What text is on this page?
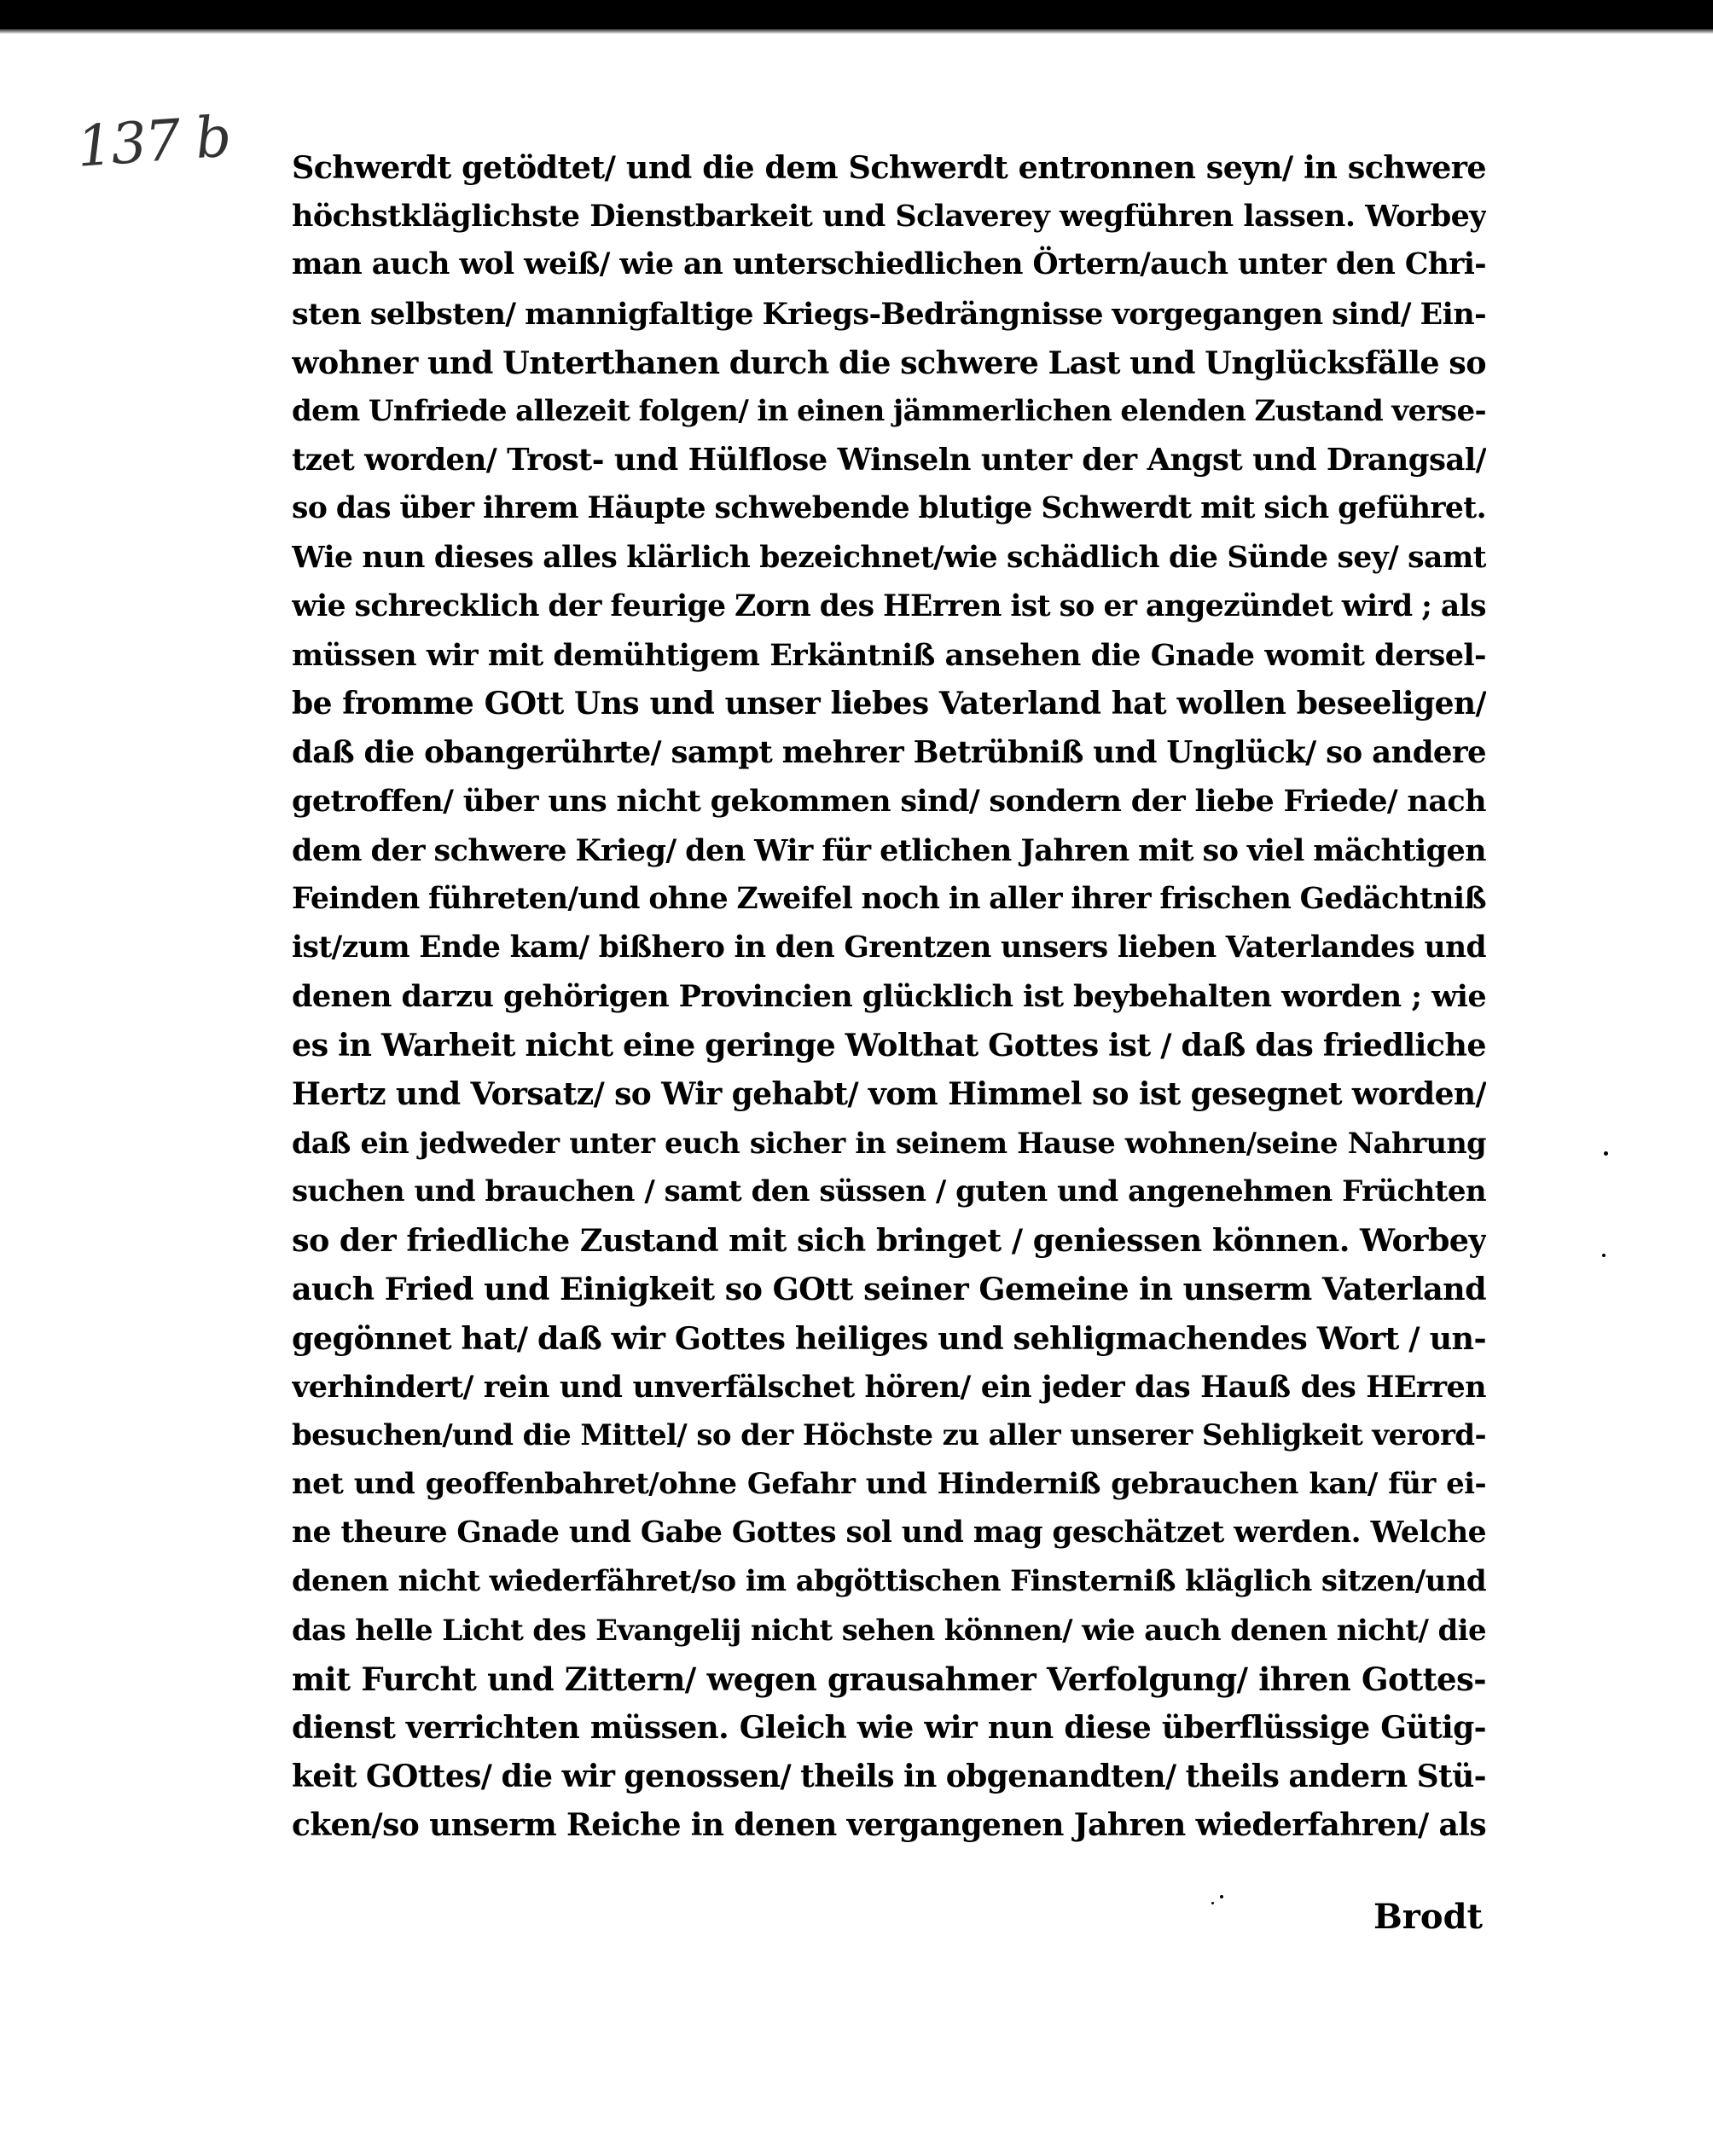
137 b Schwerdt getödtet/ und die dem Schwerdt entronnen seyn/ in schwere
höchstkläglichste Dienstbarkeit und Sclaverey wegführen lassen. Worbey
man auch wol weiß/ wie an unterschiedlichen Örtern/auch unter den Chri-
sten selbsten/ mannigfaltige Kriegs-Bedrängnisse vorgegangen sind/ Ein-
wohner und Unterthanen durch die schwere Last und Unglücksfälle so
dem Unfriede allezeit folgen/ in einen jämmerlichen elenden Zustand verse-
tzet worden/ Trost- und Hülflose Winseln unter der Angst und Drangsal/
so das über ihrem Häupte schwebende blutige Schwerdt mit sich geführet.
Wie nun dieses alles klärlich bezeichnet/wie schädlich die Sünde sey/ samt
wie schrecklich der feurige Zorn des HErren ist so er angezündet wird ; als
müssen wir mit demühtigem Erkäntniß ansehen die Gnade womit dersel-
be fromme GOtt Uns und unser liebes Vaterland hat wollen beseeligen/
daß die obangerührte/ sampt mehrer Betrübniß und Unglück/ so andere
getroffen/ über uns nicht gekommen sind/ sondern der liebe Friede/ nach
dem der schwere Krieg/ den Wir für etlichen Jahren mit so viel mächtigen
Feinden führeten/und ohne Zweifel noch in aller ihrer frischen Gedächtniß
ist/zum Ende kam/ bißhero in den Grentzen unsers lieben Vaterlandes und
denen darzu gehörigen Provincien glücklich ist beybehalten worden ; wie
es in Warheit nicht eine geringe Wolthat Gottes ist / daß das friedliche
Hertz und Vorsatz/ so Wir gehabt/ vom Himmel so ist gesegnet worden/
daß ein jedweder unter euch sicher in seinem Hause wohnen/seine Nahrung
suchen und brauchen / samt den süssen / guten und angenehmen Früchten
so der friedliche Zustand mit sich bringet / geniessen können. Worbey
auch Fried und Einigkeit so GOtt seiner Gemeine in unserm Vaterland
gegönnet hat/ daß wir Gottes heiliges und sehligmachendes Wort / un-
verhindert/ rein und unverfälschet hören/ ein jeder das Hauß des HErren
besuchen/und die Mittel/ so der Höchste zu aller unserer Sehligkeit verord-
net und geoffenbahret/ohne Gefahr und Hinderniß gebrauchen kan/ für ei-
ne theure Gnade und Gabe Gottes sol und mag geschätzet werden. Welche
denen nicht wiederfähret/so im abgöttischen Finsterniß kläglich sitzen/und
das helle Licht des Evangelij nicht sehen können/ wie auch denen nicht/ die
mit Furcht und Zittern/ wegen grausahmer Verfolgung/ ihren Gottes-
dienst verrichten müssen. Gleich wie wir nun diese überflüssige Gütig-
keit GOttes/ die wir genossen/ theils in obgenandten/ theils andern Stü-
cken/so unserm Reiche in denen vergangenen Jahren wiederfahren/ als
Brodt
